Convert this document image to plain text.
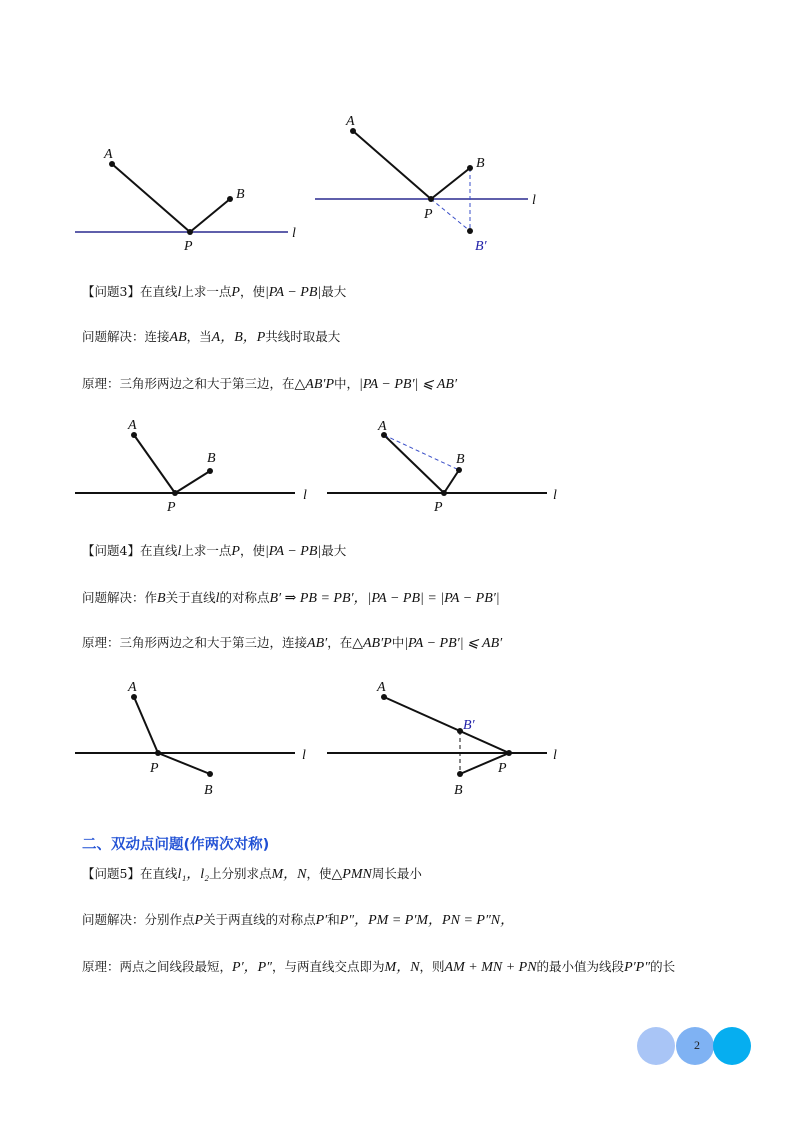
A
B
P
l
A
B
P
B′
l
【问题3】在直线l上求一点P，使|PA − PB|最大
问题解决：连接AB，当A，B，P共线时取最大
原理：三角形两边之和大于第三边，在△AB′P中，|PA − PB′| ⩽ AB′
A
B
P
l
A
B
P
l
【问题4】在直线l上求一点P，使|PA − PB|最大
问题解决：作B关于直线l的对称点B′ ⇒ PB = PB′，|PA − PB| = |PA − PB′|
原理：三角形两边之和大于第三边，连接AB′，在△AB′P中|PA − PB′| ⩽ AB′
A
B
P
l
A
B′
B
P
l
二、双动点问题(作两次对称)
【问题5】在直线l₁，l₂上分别求点M，N，使△PMN周长最小
问题解决：分别作点P关于两直线的对称点P′和P″，PM = P′M，PN = P″N，
原理：两点之间线段最短，P′，P″，与两直线交点即为M，N，则AM + MN + PN的最小值为线段P′P″的长
2
